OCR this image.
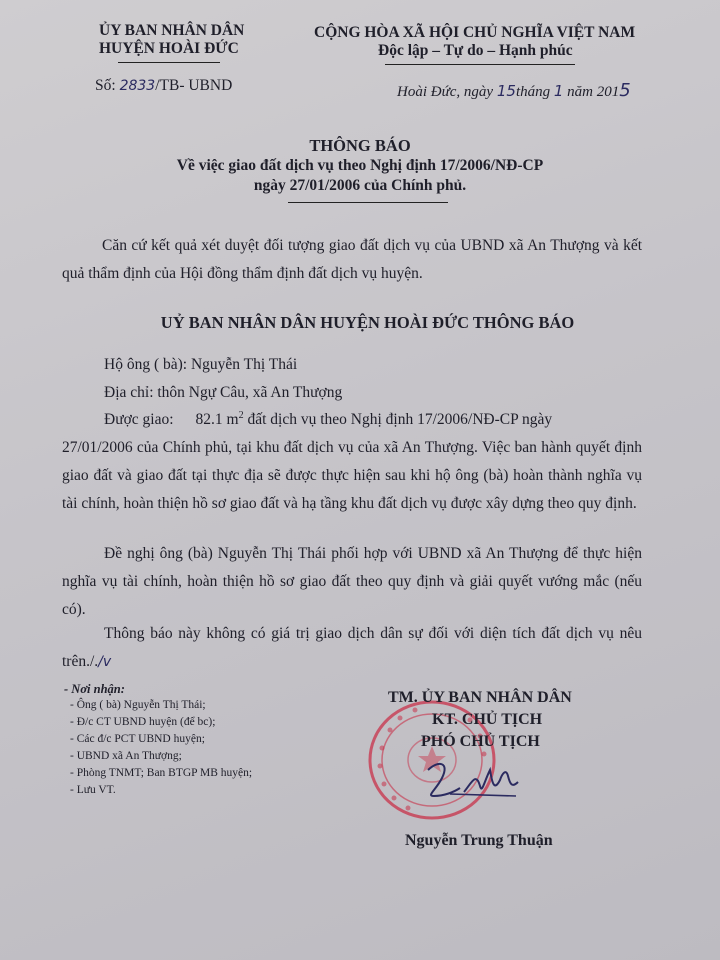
ỦY BAN NHÂN DÂN
HUYỆN HOÀI ĐỨC
Số: 2833/TB- UBND
CỘNG HÒA XÃ HỘI CHỦ NGHĨA VIỆT NAM
Độc lập – Tự do – Hạnh phúc
Hoài Đức, ngày 15tháng 1 năm 2015
THÔNG BÁO
Về việc giao đất dịch vụ theo Nghị định 17/2006/NĐ-CP
ngày 27/01/2006 của Chính phủ.
Căn cứ kết quả xét duyệt đối tượng giao đất dịch vụ của UBND xã An Thượng và kết quả thẩm định của Hội đồng thẩm định đất dịch vụ huyện.
UỶ BAN NHÂN DÂN HUYỆN HOÀI ĐỨC THÔNG BÁO
Hộ ông ( bà): Nguyễn Thị Thái
Địa chỉ: thôn Ngự Câu, xã An Thượng
Được giao: 82.1 $m^2$ đất dịch vụ theo Nghị định 17/2006/NĐ-CP ngày
27/01/2006 của Chính phủ, tại khu đất dịch vụ của xã An Thượng. Việc ban hành quyết định giao đất và giao đất tại thực địa sẽ được thực hiện sau khi hộ ông (bà) hoàn thành nghĩa vụ tài chính, hoàn thiện hồ sơ giao đất và hạ tầng khu đất dịch vụ được xây dựng theo quy định.
Đề nghị ông (bà) Nguyễn Thị Thái phối hợp với UBND xã An Thượng để thực hiện nghĩa vụ tài chính, hoàn thiện hồ sơ giao đất theo quy định và giải quyết vướng mắc (nếu có).
Thông báo này không có giá trị giao dịch dân sự đối với diện tích đất dịch vụ nêu trên././v
- Nơi nhận:
- Ông ( bà) Nguyễn Thị Thái;
- Đ/c CT UBND huyện (để bc);
- Các đ/c PCT UBND huyện;
- UBND xã An Thượng;
- Phòng TNMT; Ban BTGP MB huyện;
- Lưu VT.
TM. ỦY BAN NHÂN DÂN
KT. CHỦ TỊCH
PHÓ CHỦ TỊCH
Nguyễn Trung Thuận
